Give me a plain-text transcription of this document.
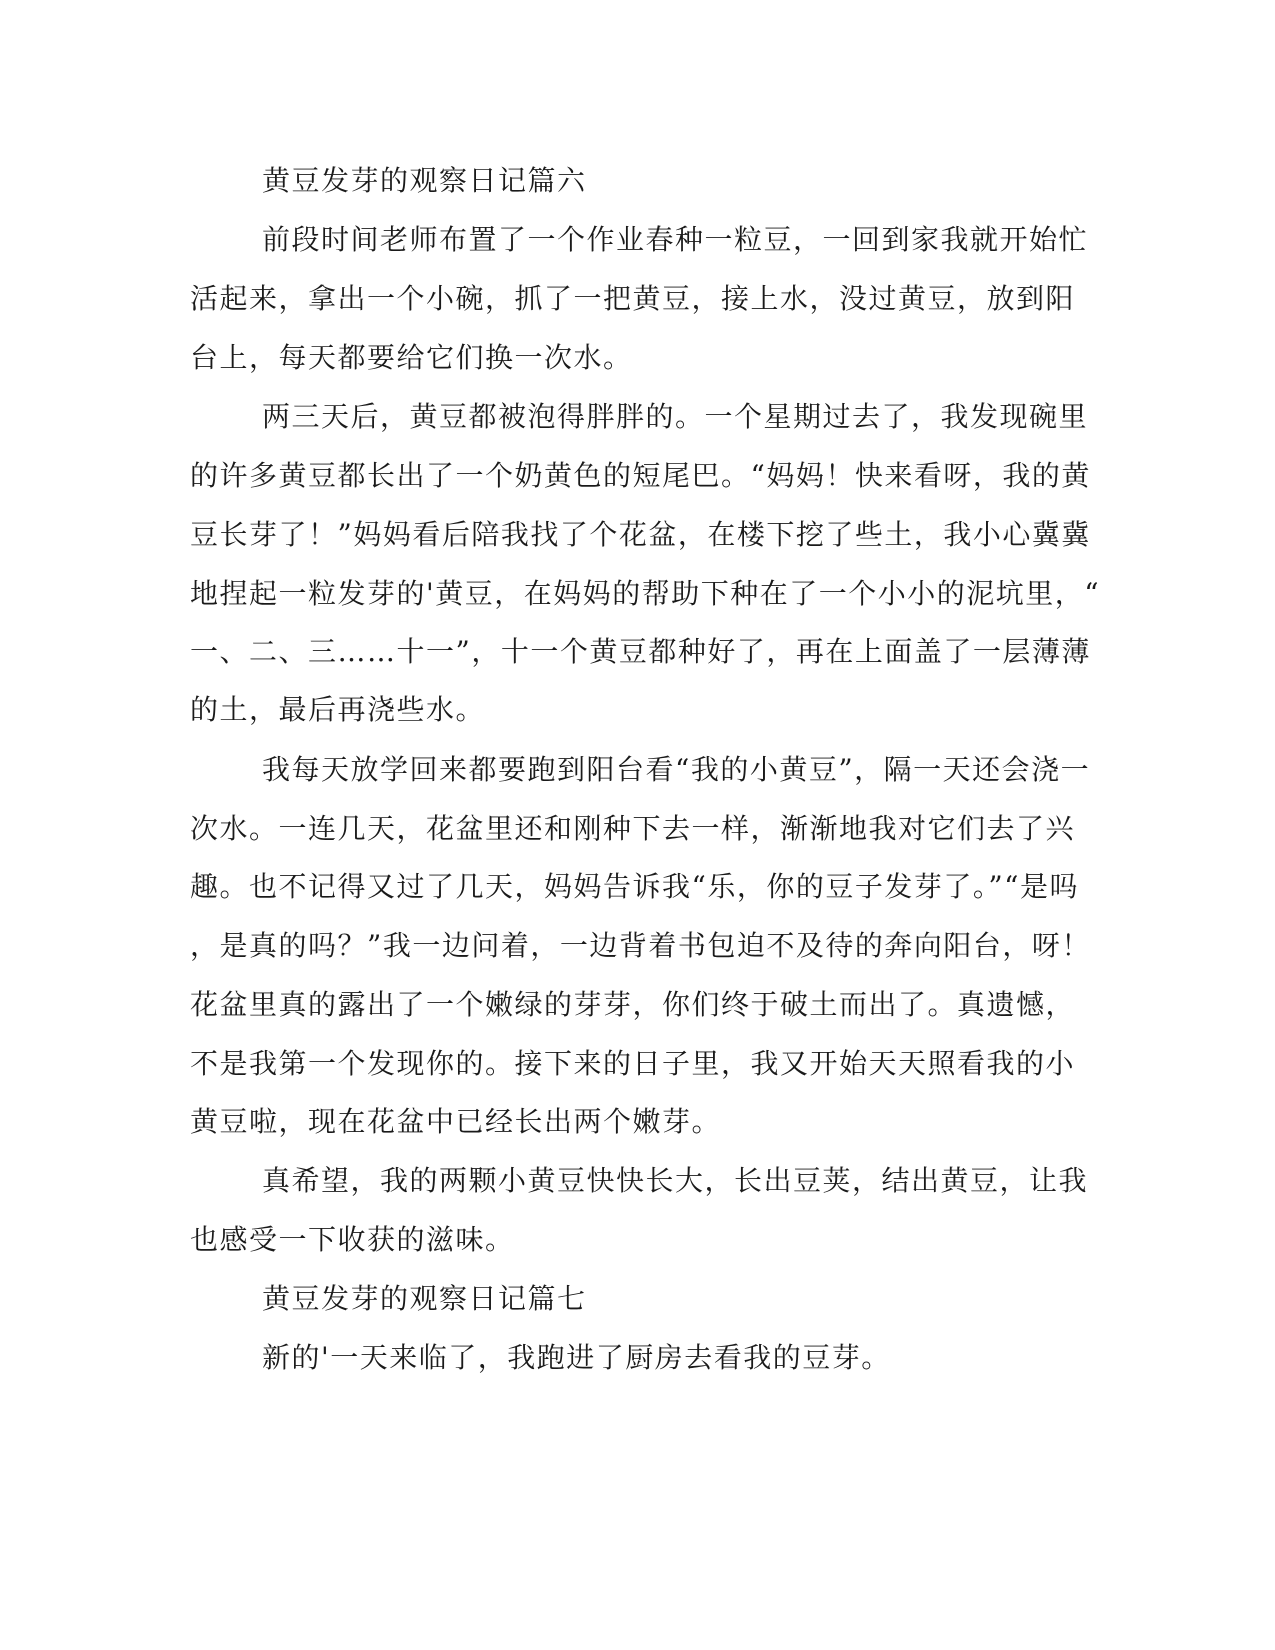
黄豆发芽的观察日记篇六
前段时间老师布置了一个作业春种一粒豆，一回到家我就开始忙
活起来，拿出一个小碗，抓了一把黄豆，接上水，没过黄豆，放到阳
台上，每天都要给它们换一次水。
两三天后，黄豆都被泡得胖胖的。一个星期过去了，我发现碗里
的许多黄豆都长出了一个奶黄色的短尾巴。“妈妈！快来看呀，我的黄
豆长芽了！”妈妈看后陪我找了个花盆，在楼下挖了些土，我小心冀冀
地捏起一粒发芽的'黄豆，在妈妈的帮助下种在了一个小小的泥坑里，“
一、二、三……十一”，十一个黄豆都种好了，再在上面盖了一层薄薄
的土，最后再浇些水。
我每天放学回来都要跑到阳台看“我的小黄豆”，隔一天还会浇一
次水。一连几天，花盆里还和刚种下去一样，渐渐地我对它们去了兴
趣。也不记得又过了几天，妈妈告诉我“乐，你的豆子发芽了。”“是吗
，是真的吗？”我一边问着，一边背着书包迫不及待的奔向阳台，呀！
花盆里真的露出了一个嫩绿的芽芽，你们终于破土而出了。真遗憾，
不是我第一个发现你的。接下来的日子里，我又开始天天照看我的小
黄豆啦，现在花盆中已经长出两个嫩芽。
真希望，我的两颗小黄豆快快长大，长出豆荚，结出黄豆，让我
也感受一下收获的滋味。
黄豆发芽的观察日记篇七
新的'一天来临了，我跑进了厨房去看我的豆芽。
